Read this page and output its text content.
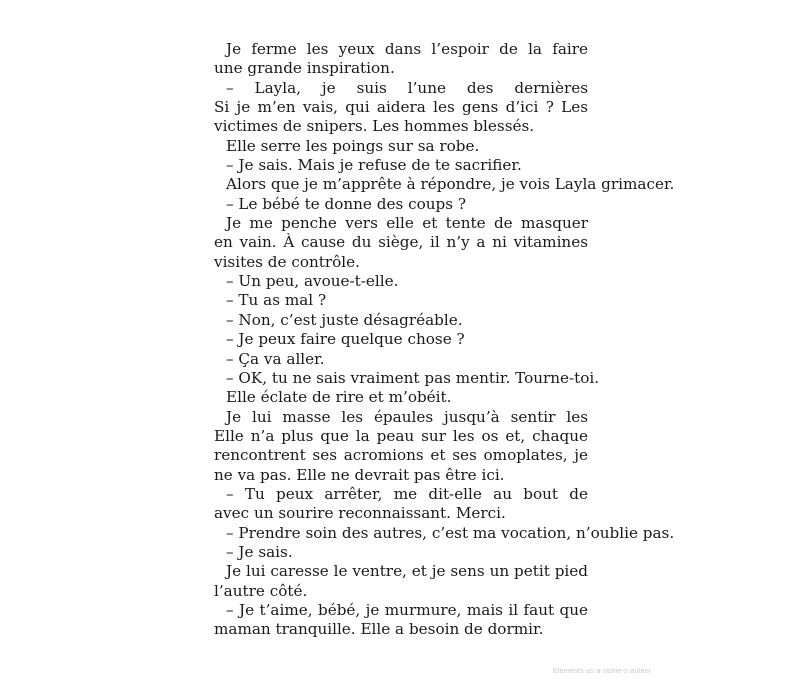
Je ferme les yeux dans l’espoir de la faire
une grande inspiration.
– Layla, je suis l’une des dernières
Si je m’en vais, qui aidera les gens d’ici ? Les
victimes de snipers. Les hommes blessés.
Elle serre les poings sur sa robe.
– Je sais. Mais je refuse de te sacrifier.
Alors que je m’apprête à répondre, je vois Layla grimacer.
– Le bébé te donne des coups ?
Je me penche vers elle et tente de masquer
en vain. À cause du siège, il n’y a ni vitamines
visites de contrôle.
– Un peu, avoue-t-elle.
– Tu as mal ?
– Non, c’est juste désagréable.
– Je peux faire quelque chose ?
– Ça va aller.
– OK, tu ne sais vraiment pas mentir. Tourne-toi.
Elle éclate de rire et m’obéit.
Je lui masse les épaules jusqu’à sentir les
Elle n’a plus que la peau sur les os et, chaque
rencontrent ses acromions et ses omoplates, je
ne va pas. Elle ne devrait pas être ici.
– Tu peux arrêter, me dit-elle au bout de
avec un sourire reconnaissant. Merci.
– Prendre soin des autres, c’est ma vocation, n’oublie pas.
– Je sais.
Je lui caresse le ventre, et je sens un petit pied
l’autre côté.
– Je t’aime, bébé, je murmure, mais il faut que
maman tranquille. Elle a besoin de dormir.
Elements-as-a-storie-z-auteur
